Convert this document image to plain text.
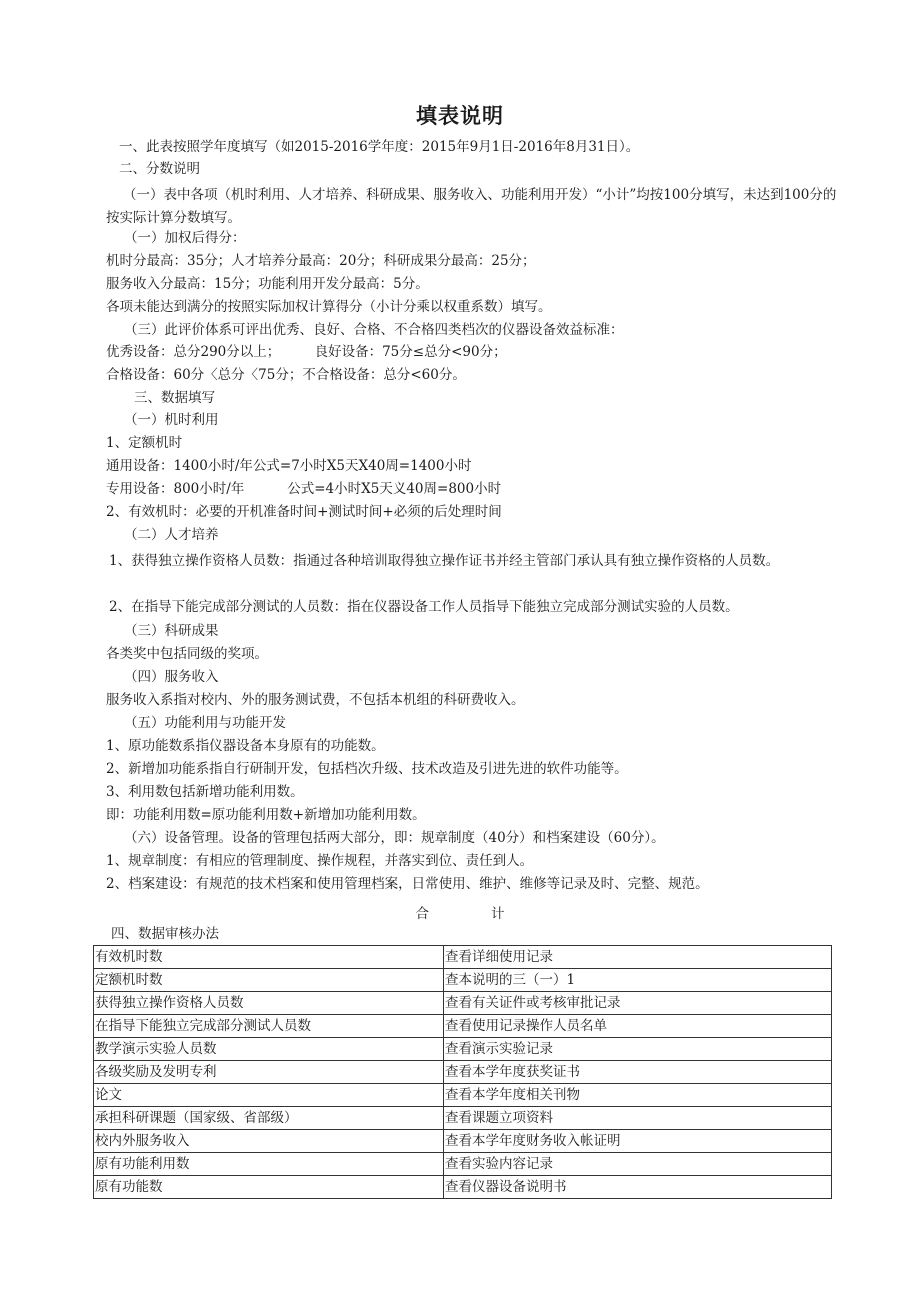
填表说明
一、此表按照学年度填写（如2015-2016学年度：2015年9月1日-2016年8月31日）。
二、分数说明
（一）表中各项（机时利用、人才培养、科研成果、服务收入、功能利用开发）“小计”均按100分填写，未达到100分的按实际计算分数填写。
（一）加权后得分：
机时分最高：35分；人才培养分最高：20分；科研成果分最高：25分；
服务收入分最高：15分；功能利用开发分最高：5分。
各项未能达到满分的按照实际加权计算得分（小计分乘以权重系数）填写。
（三）此评价体系可评出优秀、良好、合格、不合格四类档次的仪器设备效益标准：
优秀设备：总分290分以上；        良好设备：75分≤总分<90分；
合格设备：60分〈总分〈75分；不合格设备：总分<60分。
三、数据填写
（一）机时利用
1、定额机时
通用设备：1400小时/年公式=7小时X5天X40周=1400小时
专用设备：800小时/年          公式=4小时X5天义40周=800小时
2、有效机时：必要的开机准备时间+测试时间+必须的后处理时间
（二）人才培养
1、获得独立操作资格人员数：指通过各种培训取得独立操作证书并经主管部门承认具有独立操作资格的人员数。
2、在指导下能完成部分测试的人员数：指在仪器设备工作人员指导下能独立完成部分测试实验的人员数。
（三）科研成果
各类奖中包括同级的奖项。
（四）服务收入
服务收入系指对校内、外的服务测试费，不包括本机组的科研费收入。
（五）功能利用与功能开发
1、原功能数系指仪器设备本身原有的功能数。
2、新增加功能系指自行研制开发，包括档次升级、技术改造及引进先进的软件功能等。
3、利用数包括新增功能利用数。
即：功能利用数=原功能利用数+新增加功能利用数。
（六）设备管理。设备的管理包括两大部分，即：规章制度（40分）和档案建设（60分）。
1、规章制度：有相应的管理制度、操作规程，并落实到位、责任到人。
2、档案建设：有规范的技术档案和使用管理档案，日常使用、维护、维修等记录及时、完整、规范。
合计
四、数据审核办法
有效机时数	查看详细使用记录
定额机时数	查本说明的三（一）1
获得独立操作资格人员数	查看有关证件或考核审批记录
在指导下能独立完成部分测试人员数	查看使用记录操作人员名单
教学演示实验人员数	查看演示实验记录
各级奖励及发明专利	查看本学年度获奖证书
论文	查看本学年度相关刊物
承担科研课题（国家级、省部级）	查看课题立项资料
校内外服务收入	查看本学年度财务收入帐证明
原有功能利用数	查看实验内容记录
原有功能数	查看仪器设备说明书
